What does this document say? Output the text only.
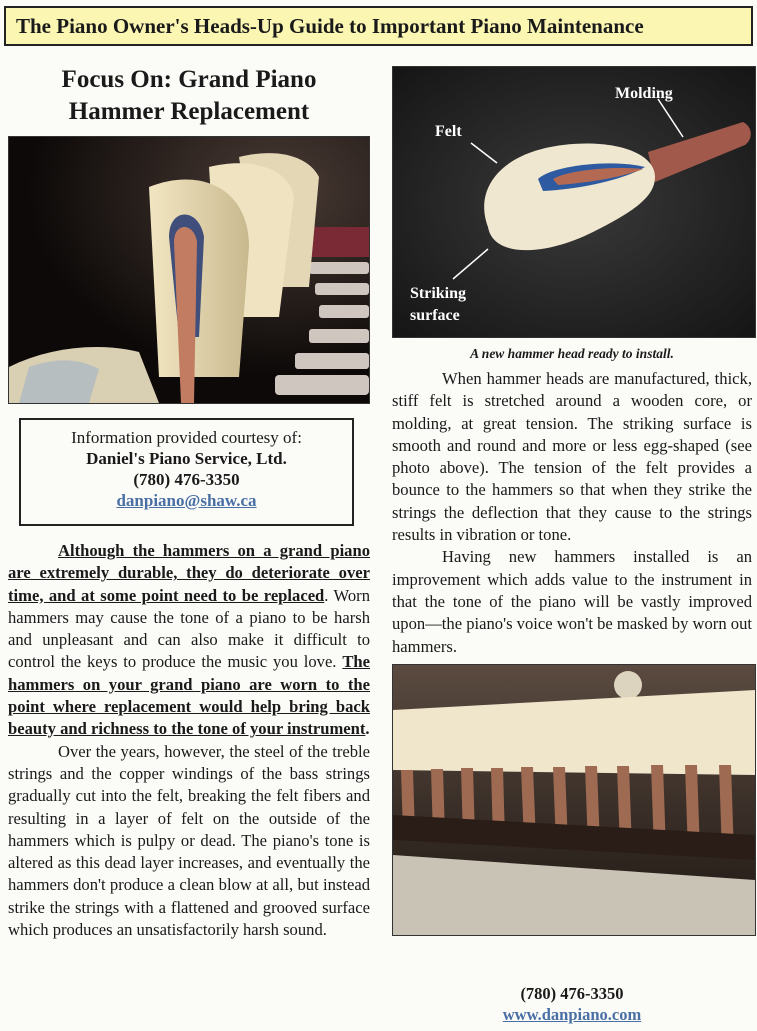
The Piano Owner's Heads-Up Guide to Important Piano Maintenance
Focus On: Grand Piano
Hammer Replacement
Information provided courtesy of:
Daniel's Piano Service, Ltd.
(780) 476-3350
danpiano@shaw.ca

Although the hammers on a grand piano are extremely durable, they do deteriorate over time, and at some point need to be replaced. Worn hammers may cause the tone of a piano to be harsh and unpleasant and can also make it difficult to control the keys to produce the music you love. The hammers on your grand piano are worn to the point where replacement would help bring back beauty and richness to the tone of your instrument.

Over the years, however, the steel of the treble strings and the copper windings of the bass strings gradually cut into the felt, breaking the felt fibers and resulting in a layer of felt on the outside of the hammers which is pulpy or dead. The piano's tone is altered as this dead layer increases, and eventually the hammers don't produce a clean blow at all, but instead strike the strings with a flattened and grooved surface which produces an unsatisfactorily harsh sound.

Molding
Felt
Striking
surface
A new hammer head ready to install.

When hammer heads are manufactured, thick, stiff felt is stretched around a wooden core, or molding, at great tension. The striking surface is smooth and round and more or less egg-shaped (see photo above). The tension of the felt provides a bounce to the hammers so that when they strike the strings the deflection that they cause to the strings results in vibration or tone.

Having new hammers installed is an improvement which adds value to the instrument in that the tone of the piano will be vastly improved upon—the piano's voice won't be masked by worn out hammers.

(780) 476-3350
www.danpiano.com
